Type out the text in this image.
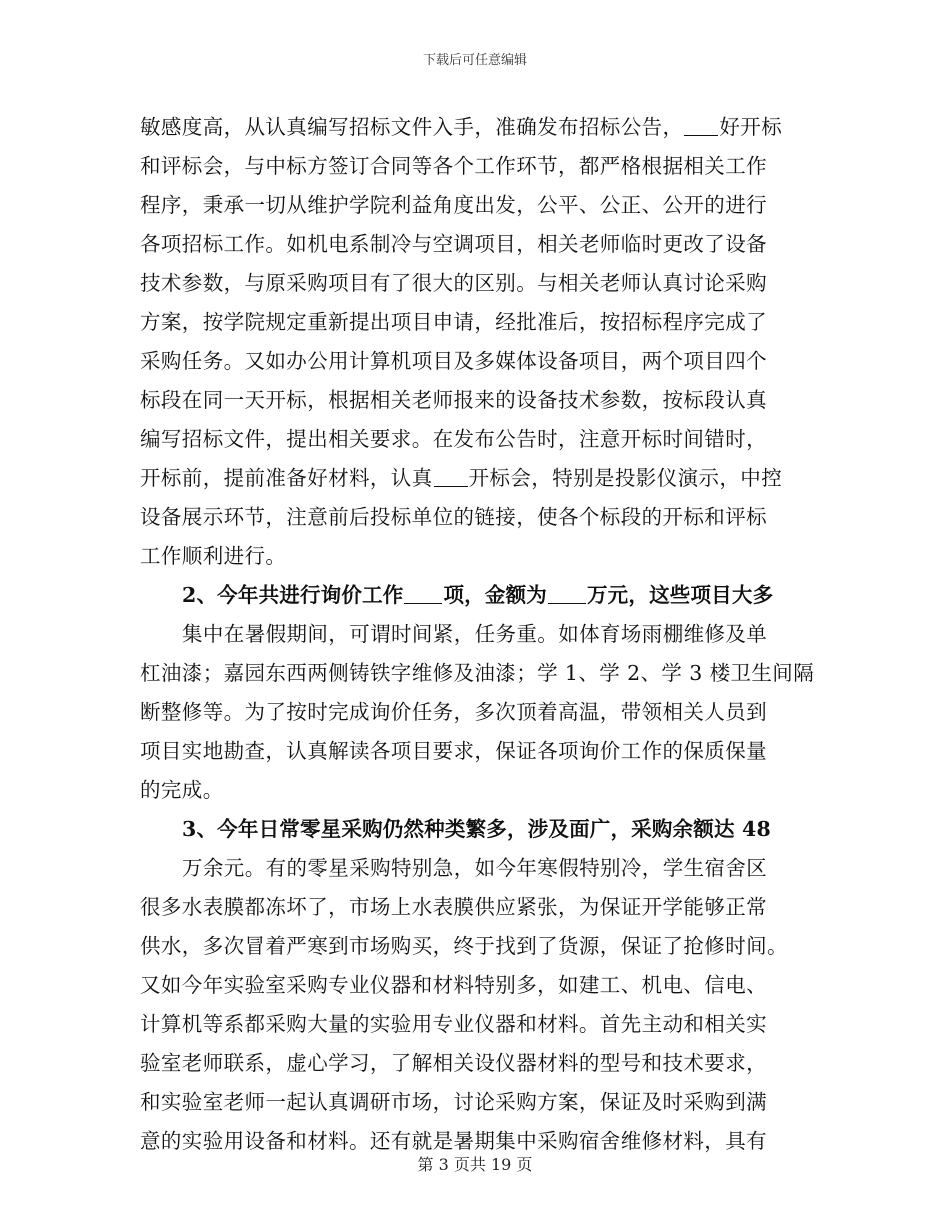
下载后可任意编辑
敏感度高，从认真编写招标文件入手，准确发布招标公告， 好开标
和评标会，与中标方签订合同等各个工作环节，都严格根据相关工作
程序，秉承一切从维护学院利益角度出发，公平、公正、公开的进行
各项招标工作。如机电系制冷与空调项目，相关老师临时更改了设备
技术参数，与原采购项目有了很大的区别。与相关老师认真讨论采购
方案，按学院规定重新提出项目申请，经批准后，按招标程序完成了
采购任务。又如办公用计算机项目及多媒体设备项目，两个项目四个
标段在同一天开标，根据相关老师报来的设备技术参数，按标段认真
编写招标文件，提出相关要求。在发布公告时，注意开标时间错时，
开标前，提前准备好材料，认真 开标会，特别是投影仪演示，中控
设备展示环节，注意前后投标单位的链接，使各个标段的开标和评标
工作顺利进行。
2、今年共进行询价工作 项，金额为 万元，这些项目大多
集中在暑假期间，可谓时间紧，任务重。如体育场雨棚维修及单
杠油漆；嘉园东西两侧铸铁字维修及油漆；学 1、学 2、学 3 楼卫生间隔
断整修等。为了按时完成询价任务，多次顶着高温，带领相关人员到
项目实地勘查，认真解读各项目要求，保证各项询价工作的保质保量
的完成。
3、今年日常零星采购仍然种类繁多，涉及面广，采购余额达 48
万余元。有的零星采购特别急，如今年寒假特别冷，学生宿舍区
很多水表膜都冻坏了，市场上水表膜供应紧张，为保证开学能够正常
供水，多次冒着严寒到市场购买，终于找到了货源，保证了抢修时间。
又如今年实验室采购专业仪器和材料特别多，如建工、机电、信电、
计算机等系都采购大量的实验用专业仪器和材料。首先主动和相关实
验室老师联系，虚心学习，了解相关设仪器材料的型号和技术要求，
和实验室老师一起认真调研市场，讨论采购方案，保证及时采购到满
意的实验用设备和材料。还有就是暑期集中采购宿舍维修材料，具有
第 3 页共 19 页
